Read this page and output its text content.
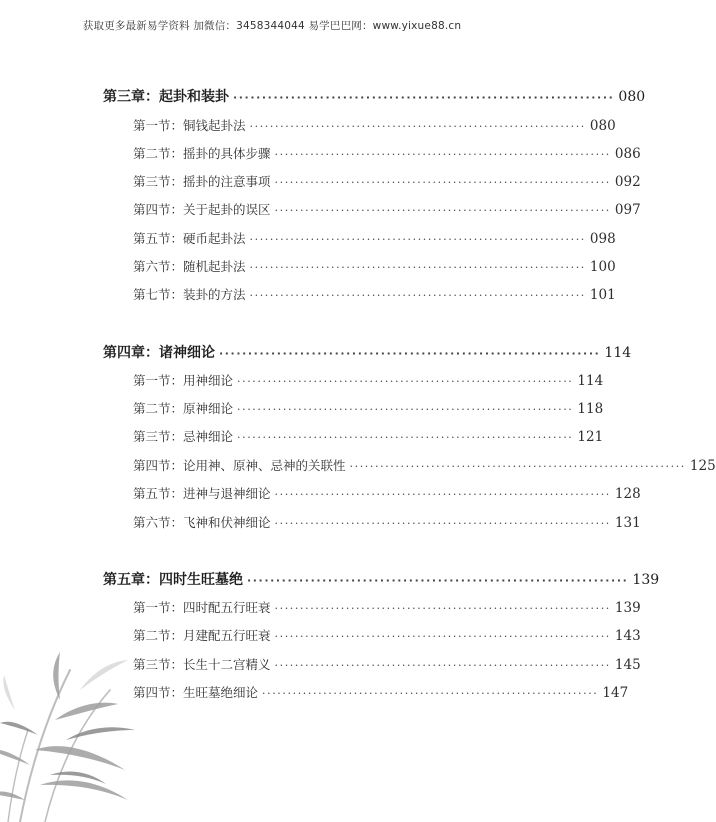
获取更多最新易学资料 加微信：3458344044 易学巴巴网：www.yixue88.cn
第三章：起卦和装卦 ·································································· 080
第一节：铜钱起卦法 ·································································· 080
第二节：摇卦的具体步骤 ·································································· 086
第三节：摇卦的注意事项 ·································································· 092
第四节：关于起卦的误区 ·································································· 097
第五节：硬币起卦法 ·································································· 098
第六节：随机起卦法 ·································································· 100
第七节：装卦的方法 ·································································· 101
第四章：诸神细论 ·································································· 114
第一节：用神细论 ·································································· 114
第二节：原神细论 ·································································· 118
第三节：忌神细论 ·································································· 121
第四节：论用神、原神、忌神的关联性 ·································································· 125
第五节：进神与退神细论 ·································································· 128
第六节：飞神和伏神细论 ·································································· 131
第五章：四时生旺墓绝 ·································································· 139
第一节：四时配五行旺衰 ·································································· 139
第二节：月建配五行旺衰 ·································································· 143
第三节：长生十二宫精义 ·································································· 145
第四节：生旺墓绝细论 ·································································· 147
